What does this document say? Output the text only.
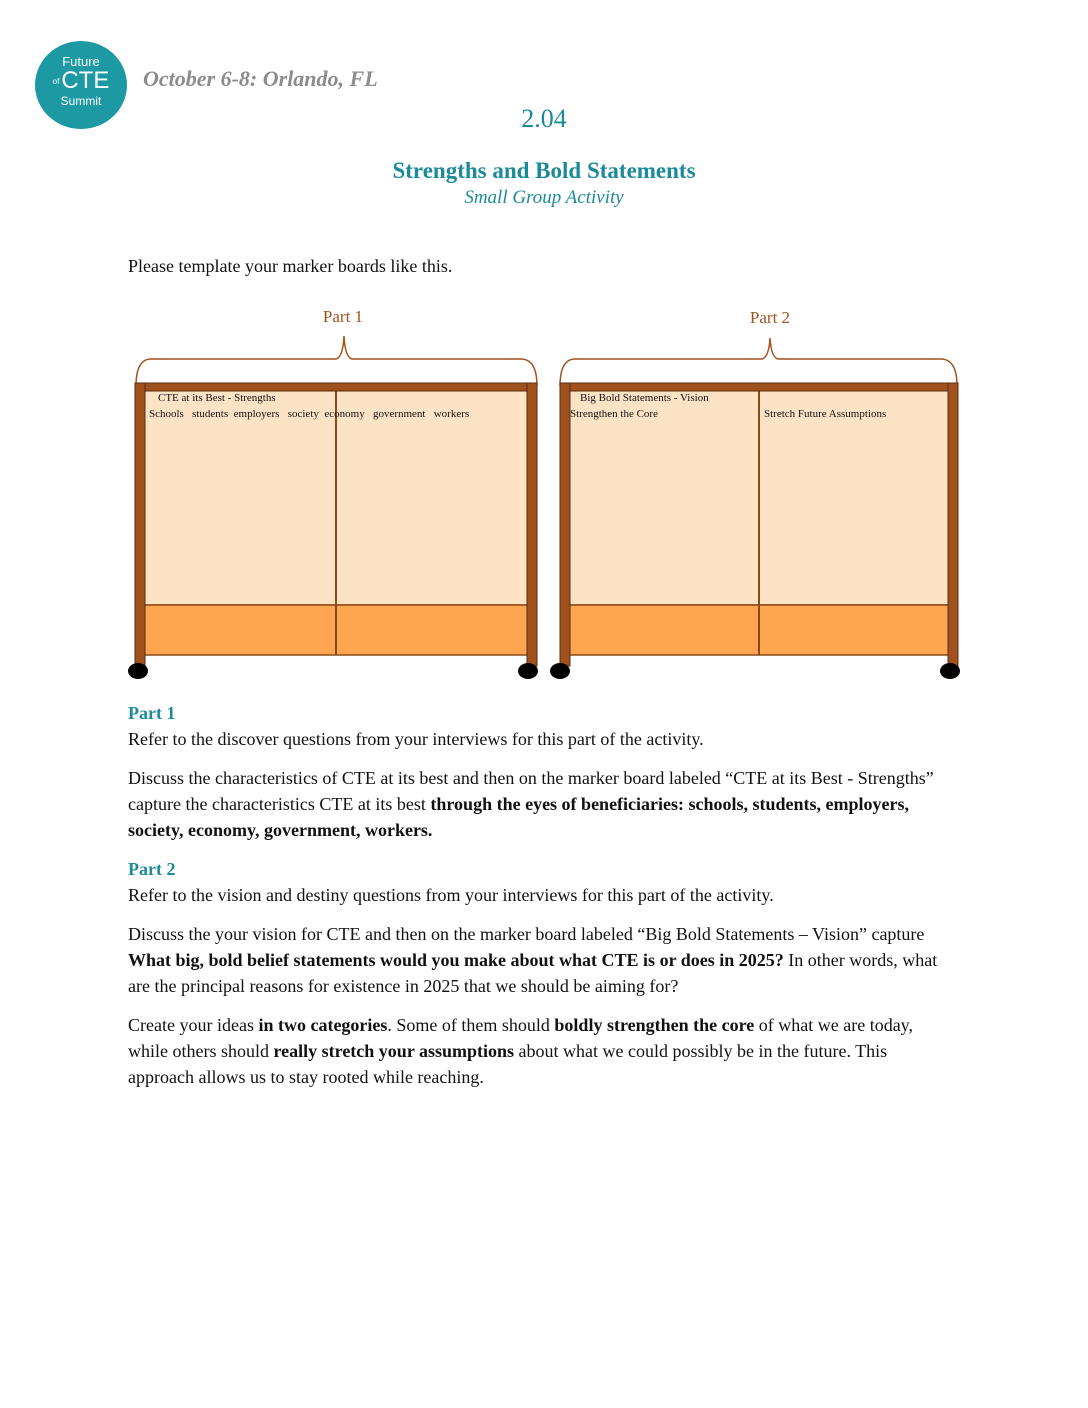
Future
ofCTE
Summit

October 6-8: Orlando, FL

2.04
Strengths and Bold Statements

Small Group Activity

Please template your marker boards like this.

Part 1	Part 2
CTE at its Best - Strengths
Schools   students  employers   society  economy   government   workers
Big Bold Statements - Vision
Strengthen the Core	Stretch Future Assumptions
Part 1

Refer to the discover questions from your interviews for this part of the activity.

Discuss the characteristics of CTE at its best and then on the marker board labeled “CTE at its Best - Strengths” capture the characteristics CTE at its best through the eyes of beneficiaries: schools, students, employers, society, economy, government, workers.

Part 2

Refer to the vision and destiny questions from your interviews for this part of the activity.

Discuss the your vision for CTE and then on the marker board labeled “Big Bold Statements – Vision” capture What big, bold belief statements would you make about what CTE is or does in 2025? In other words, what are the principal reasons for existence in 2025 that we should be aiming for?

Create your ideas in two categories. Some of them should boldly strengthen the core of what we are today, while others should really stretch your assumptions about what we could possibly be in the future. This approach allows us to stay rooted while reaching.
